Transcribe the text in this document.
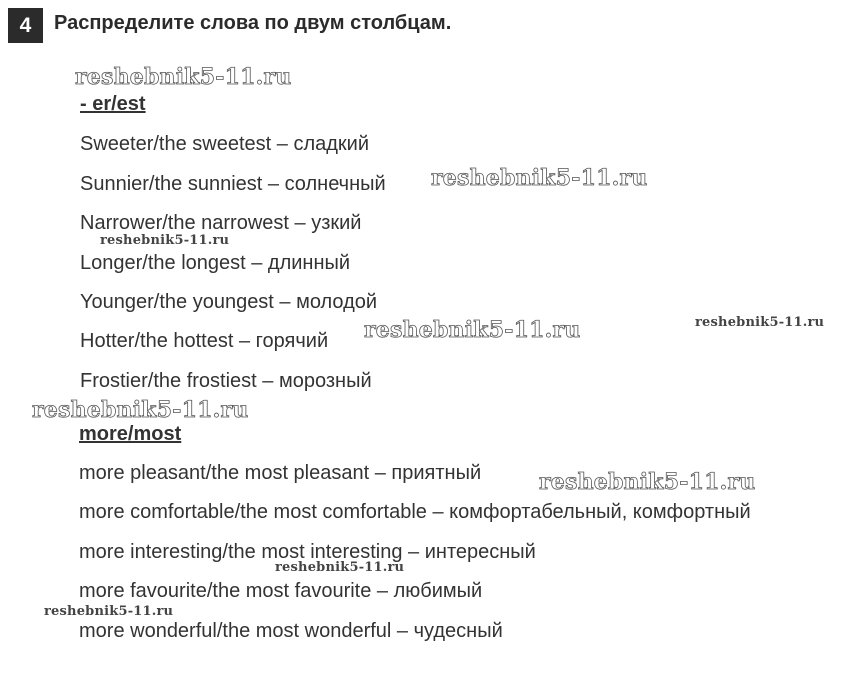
4	Распределите слова по двум столбцам.
- er/est
Sweeter/the sweetest – сладкий
Sunnier/the sunniest – солнечный
Narrower/the narrowest – узкий
Longer/the longest – длинный
Younger/the youngest – молодой
Hotter/the hottest – горячий
Frostier/the frostiest – морозный
more/most
more pleasant/the most pleasant – приятный
more comfortable/the most comfortable – комфортабельный, комфортный
more interesting/the most interesting – интересный
more favourite/the most favourite – любимый
more wonderful/the most wonderful – чудесный
reshebnik5-11.ru
reshebnik5-11.ru
reshebnik5-11.ru
reshebnik5-11.ru	reshebnik5-11.ru
reshebnik5-11.ru
reshebnik5-11.ru
reshebnik5-11.ru
reshebnik5-11.ru
